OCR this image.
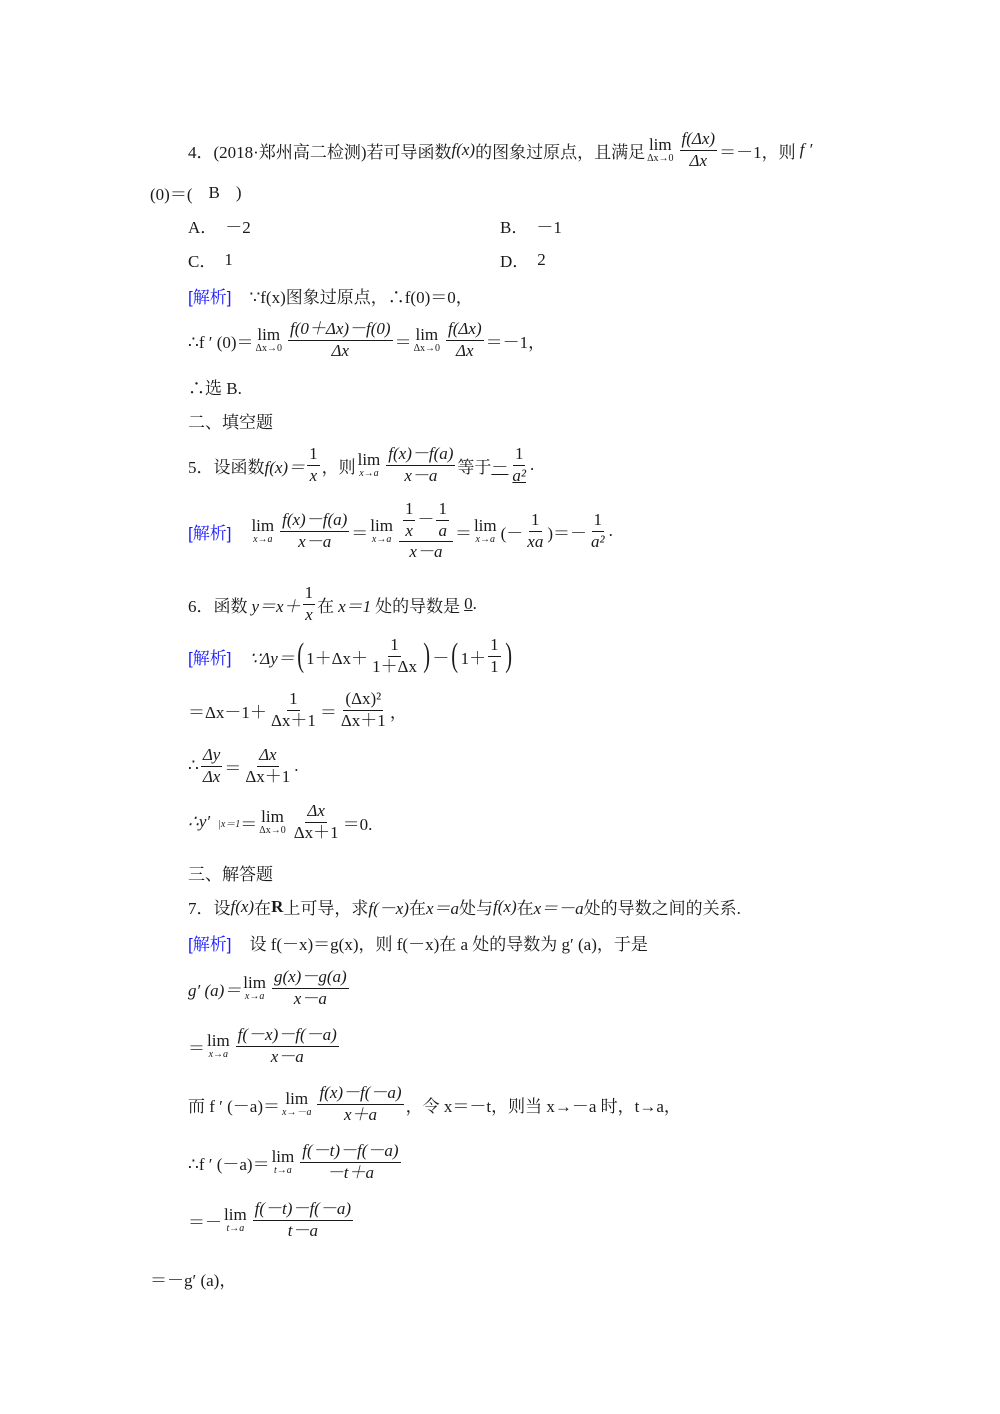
4． (2018·郑州高二检测) 若可导函数 f(x) 的图象过原点，且满足 lim
$\Delta x\to 0 \frac{f(\Delta x)}{\Delta x} =-1$，则 f ′
(0)＝( B )
A． －2	B． －1
C． 1	D． 2
[解析] ∵f(x)图象过原点，∴f(0)＝0，
∴f ′ (0)＝ lim
$\Delta x\to 0 \frac{f(0+\Delta x)-f(0)}{\Delta x} = \lim$
$\Delta x\to 0 \frac{f(\Delta x)}{\Delta x} =-1$，
∴选 B.
二、填空题
5． 设函数 $f(x)= \frac{1}{x}$ ，则 lim
$x\to a \frac{f(x)-f(a)}{x-a}$ 等于 － $\frac{1}{\text{a²}}$ .
[解析] lim
$x\to a \frac{f(x)-f(a)}{x-a} = \lim$
$x\to a \frac{\frac{1}{x} - \frac{1}{a}}{x-a} = \lim$
x→a (－ $\frac{1}{xa}$ )＝－ $\frac{1}{\text{a²}}$ .
6． 函数 $y=x+ \frac{1}{x}$ 在 x＝1 处的导数是 0 .
[解析] ∵Δy＝ ( $1+\Delta x+ \frac{1}{1+\Delta x}$ ) － ( $1+ \frac{1}{1}$ )
$=\Delta x-1+ \frac{1}{\Delta x+1} = \frac{\text{(Δx)²}}{\Delta x+1}$ ，
∴ $\frac{\Delta y}{\Delta x} = \frac{\Delta x}{\Delta x+1}$ .
∴y′ |x＝1 ＝ lim
$\Delta x\to 0 \frac{\Delta x}{\Delta x+1} =0$.
三、解答题
7． 设 f(x) 在 R 上可导，求 f(－x) 在 x＝a 处与 f(x) 在 x＝－a 处的导数之间的关系.
[解析] 设 f(－x)＝g(x)，则 f(－x)在 a 处的导数为 g′ (a)，于是
g′ (a)＝ lim
$x\to a \frac{g(x)-g(a)}{x-a}$
＝ lim
$x\to a \frac{f(-x)-f(-a)}{x-a}$
而 f ′ (－a)＝ lim
$x\to-a \frac{f(x)-f(-a)}{x+a}$ ，令 x＝－t，则当 x→－a 时，t→a，
∴f ′ (－a)＝ lim
$t\to a \frac{f(-t)-f(-a)}{-t+a}$
＝－ lim
$t\to a \frac{f(-t)-f(-a)}{t-a}$
＝－g′ (a)，
